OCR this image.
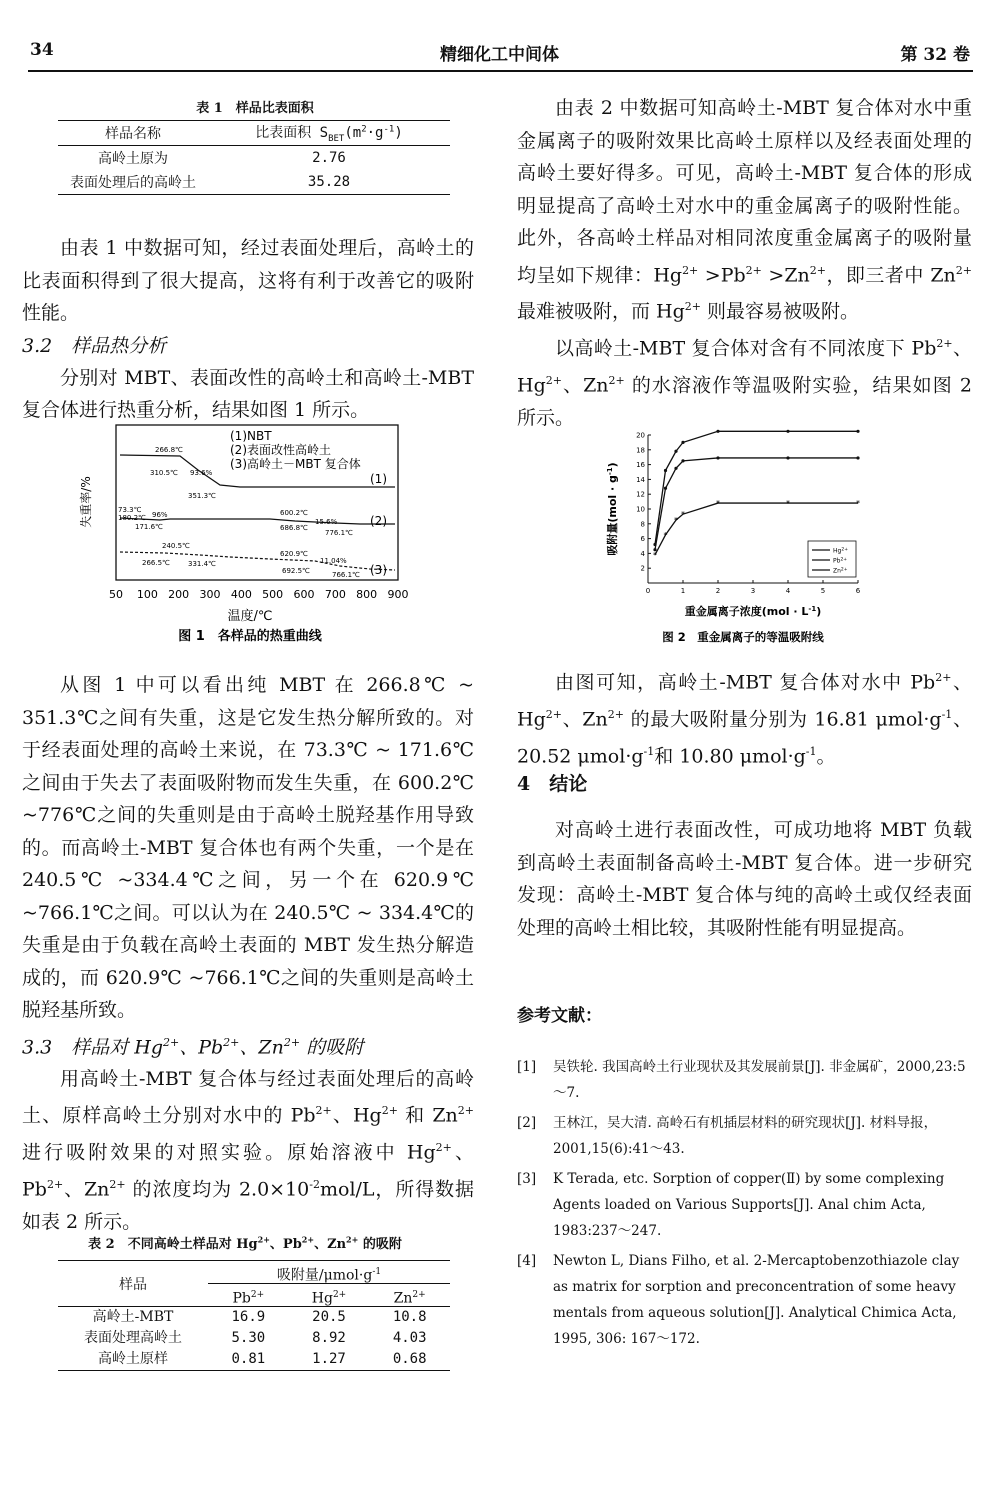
34	精细化工中间体	第 32 卷
表 1　样品比表面积
样品名称	比表面积 $S_{BET}(m^2\cdot g^{-1})$
高岭土原为	2.76
表面处理后的高岭土	35.28

由表 1 中数据可知，经过表面处理后，高岭土的比表面积得到了很大提高，这将有利于改善它的吸附性能。

3.2　样品热分析

分别对 MBT、表面改性的高岭土和高岭土-MBT 复合体进行热重分析，结果如图 1 所示。

失重率/%
(1)NBT
(2)表面改性高岭土
(3)高岭土－MBT 复合体
(1)
(2)
(3)
266.8℃
310.5℃ 93.6%
351.3℃
73.3℃
180.2℃ 96%
171.6℃
600.2℃
15.6%
686.8℃
776.1℃
240.5℃
266.5℃	331.4℃
620.9℃
11.04%
692.5℃	766.1℃
50 100 200 300 400 500 600 700 800 900
温度/℃
图 1　各样品的热重曲线

从图 1 中可以看出纯 MBT 在 266.8℃ ~ 351.3℃之间有失重，这是它发生热分解所致的。对于经表面处理的高岭土来说，在 73.3℃ ~ 171.6℃之间由于失去了表面吸附物而发生失重，在 600.2℃ ~776℃之间的失重则是由于高岭土脱羟基作用导致的。而高岭土-MBT 复合体也有两个失重，一个是在 240.5℃ ~334.4℃之间，另一个在 620.9℃ ~766.1℃之间。可以认为在 240.5℃ ~ 334.4℃的失重是由于负载在高岭土表面的 MBT 发生热分解造成的，而 620.9℃ ~766.1℃之间的失重则是高岭土脱羟基所致。

3.3　样品对 $Hg^{2+}$、$Pb^{2+}$、$Zn^{2+}$ 的吸附

用高岭土-MBT 复合体与经过表面处理后的高岭土、原样高岭土分别对水中的 $Pb^{2+}$、$Hg^{2+}$ 和 $Zn^{2+}$ 进行吸附效果的对照实验。原始溶液中 $Hg^{2+}$、$Pb^{2+}$、$Zn^{2+}$ 的浓度均为 $2.0\times 10^{-2}mol/L$，所得数据如表 2 所示。

表 2　不同高岭土样品对 $Hg^{2+}$、$Pb^{2+}$、$Zn^{2+}$ 的吸附
样品
吸附量$/\mu mol\cdot g^{-1}$
$Pb^{2+}$	$Hg^{2+}$	$Zn^{2+}$
高岭土-MBT	16.9	20.5	10.8
表面处理高岭土	5.30	8.92	4.03
高岭土原样	0.81	1.27	0.68

由表 2 中数据可知高岭土-MBT 复合体对水中重金属离子的吸附效果比高岭土原样以及经表面处理的高岭土要好得多。可见，高岭土-MBT 复合体的形成明显提高了高岭土对水中的重金属离子的吸附性能。此外，各高岭土样品对相同浓度重金属离子的吸附量均呈如下规律：$Hg^{2+} >Pb^{2+} >Zn^{2+}$，即三者中 $Zn^{2+}$ 最难被吸附，而 $Hg^{2+}$ 则最容易被吸附。

以高岭土-MBT 复合体对含有不同浓度下 $Pb^{2+}$、$Hg^{2+}$、$Zn^{2+}$ 的水溶液作等温吸附实验，结果如图 2 所示。

2
4
6
8
10
12
14
16
18
20
0	1	2	3	4	5	6
*
*
*
*
*	*	*
$Hg^{2+}$
$Pb^{2+}$
$Zn^{2+}$
吸附量$(mol \cdot g^{-1})$
重金属离子浓度$(mol \cdot L^{-1})$
图 2　重金属离子的等温吸附线

由图可知，高岭土-MBT 复合体对水中 $Pb^{2+}$、$Hg^{2+}$、$Zn^{2+}$ 的最大吸附量分别为 16.81 $\mu mol\cdot g^{-1}$、20.52 $\mu mol\cdot g^{-1}$和 10.80 $\mu mol\cdot g^{-1}$。

4　结论

对高岭土进行表面改性，可成功地将 MBT 负载到高岭土表面制备高岭土-MBT 复合体。进一步研究发现：高岭土-MBT 复合体与纯的高岭土或仅经表面处理的高岭土相比较，其吸附性能有明显提高。

参考文献：
[1] 吴铁轮. 我国高岭土行业现状及其发展前景[J]. 非金属矿，2000,23:5～7.
[2] 王林江，吴大清. 高岭石有机插层材料的研究现状[J]. 材料导报，2001,15(6):41～43.
[3] K Terada, etc. Sorption of copper(Ⅱ) by some complexing Agents loaded on Various Supports[J]. Anal chim Acta, 1983:237～247.
[4] Newton L, Dians Filho, et al. 2-Mercaptobenzothiazole clay as matrix for sorption and preconcentration of some heavy mentals from aqueous solution[J]. Analytical Chimica Acta, 1995, 306: 167～172.
